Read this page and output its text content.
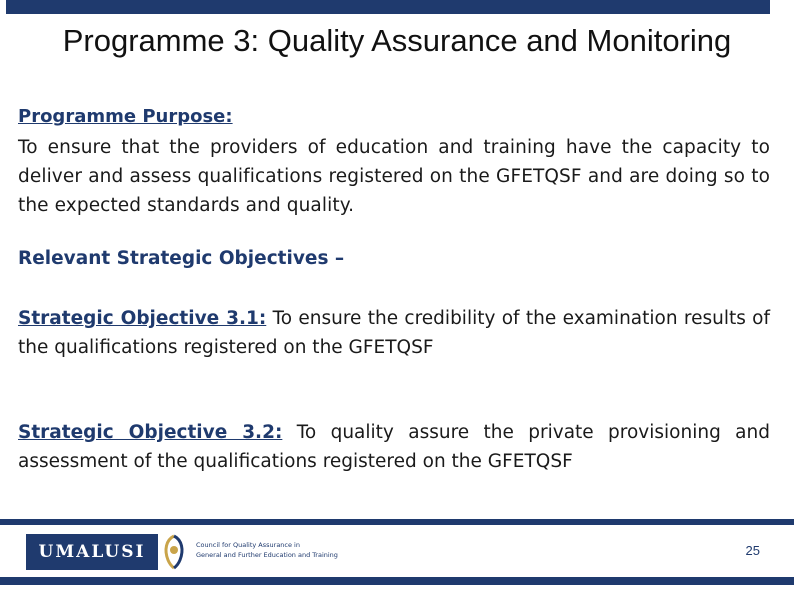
Programme 3: Quality Assurance and Monitoring
Programme Purpose:
To ensure that the providers of education and training have the capacity to deliver and assess qualifications registered on the GFETQSF and are doing so to the expected standards and quality.
Relevant Strategic Objectives –
Strategic Objective 3.1: To ensure the credibility of the examination results of the qualifications registered on the GFETQSF
Strategic Objective 3.2: To quality assure the private provisioning and assessment of the qualifications registered on the GFETQSF
UMALUSI	Council for Quality Assurance in
General and Further Education and Training	25
